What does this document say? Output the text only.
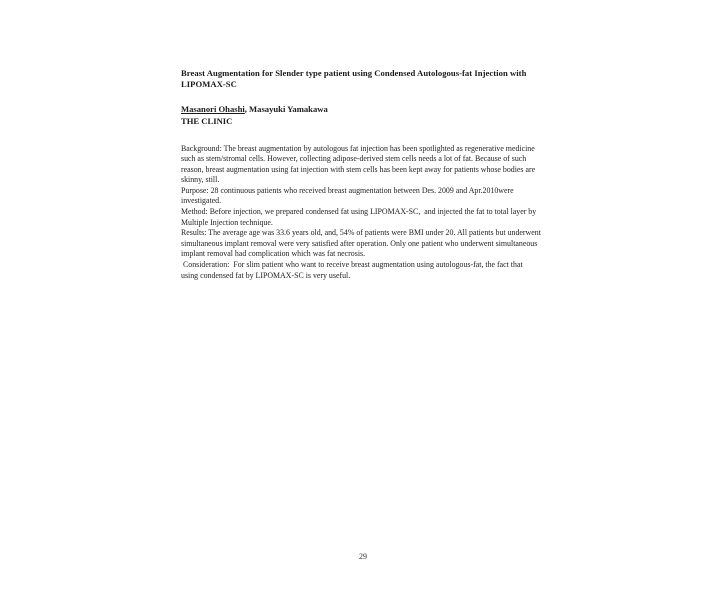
Breast Augmentation for Slender type patient using Condensed Autologous-fat Injection with LIPOMAX-SC

Masanori Ohashi, Masayuki Yamakawa
THE CLINIC

Background: The breast augmentation by autologous fat injection has been spotlighted as regenerative medicine such as stem/stromal cells. However, collecting adipose-derived stem cells needs a lot of fat. Because of such reason, breast augmentation using fat injection with stem cells has been kept away for patients whose bodies are skinny, still.

Purpose: 28 continuous patients who received breast augmentation between Des. 2009 and Apr.2010were investigated.

Method: Before injection, we prepared condensed fat using LIPOMAX-SC,  and injected the fat to total layer by Multiple Injection technique.

Results: The average age was 33.6 years old, and, 54% of patients were BMI under 20. All patients but underwent simultaneous implant removal were very satisfied after operation. Only one patient who underwent simultaneous implant removal had complication which was fat necrosis.

Consideration:  For slim patient who want to receive breast augmentation using autologous-fat, the fact that using condensed fat by LIPOMAX-SC is very useful.

29
